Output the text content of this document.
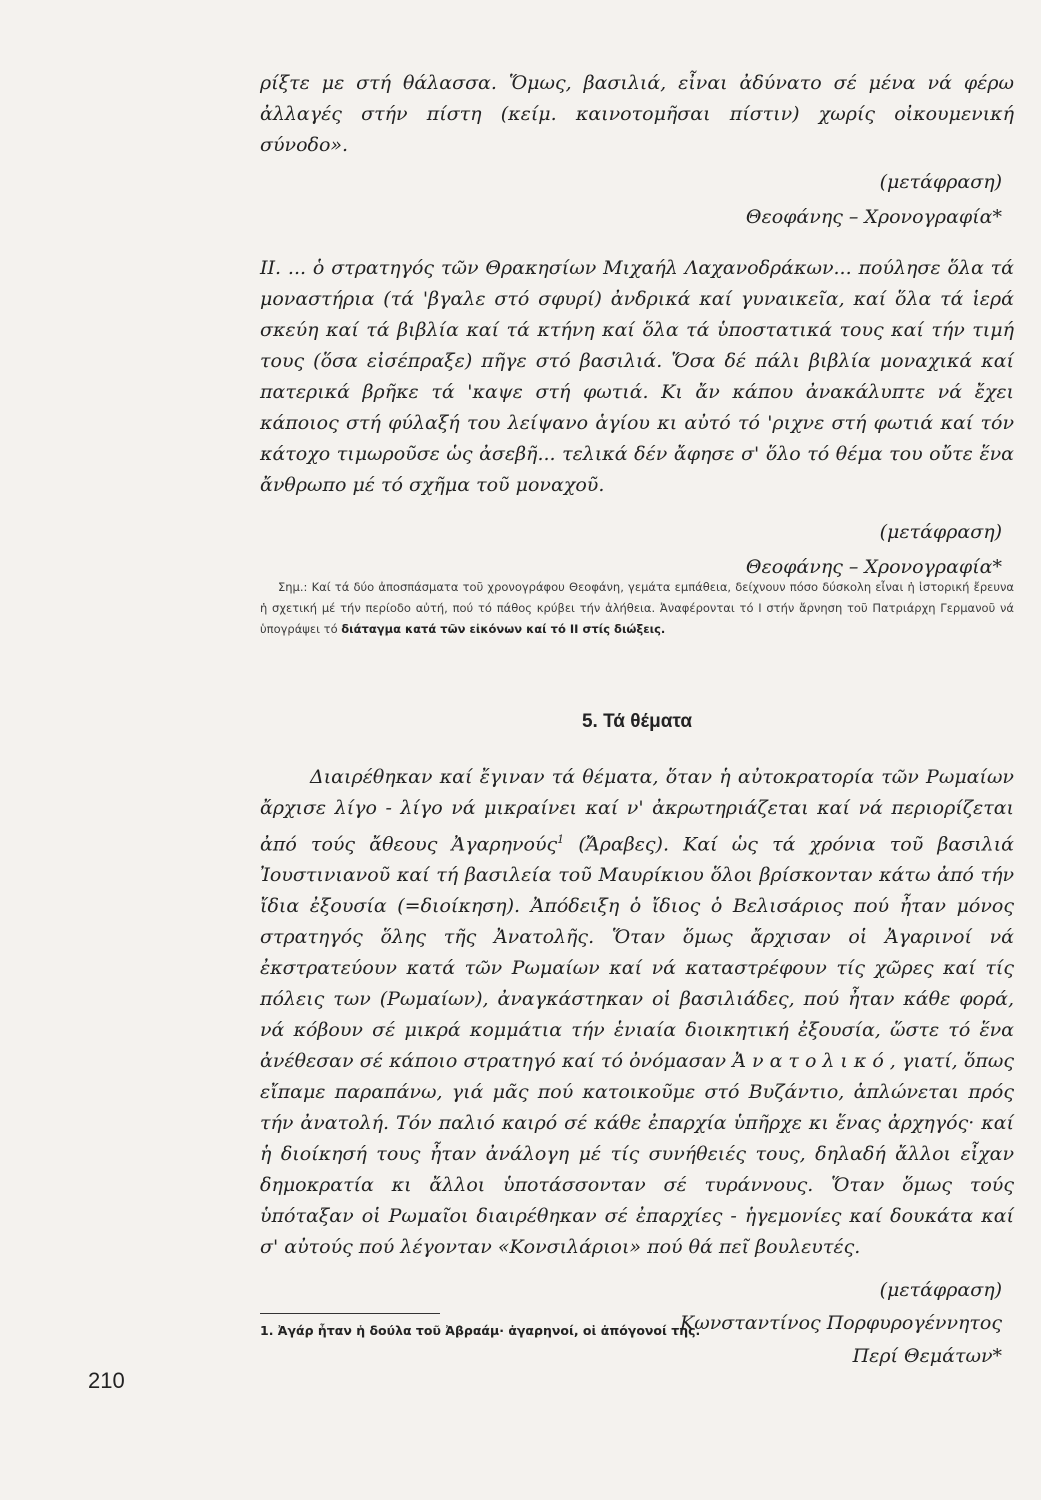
ρίξτε με στή θάλασσα. Ὅμως, βασιλιά, εἶναι ἀδύνατο σέ μένα νά φέρω ἀλλαγές στήν πίστη (κείμ. καινοτομῆσαι πίστιν) χωρίς οἰκουμενική σύνοδο».

(μετάφραση)

Θεοφάνης – Χρονογραφία*

II. ... ὁ στρατηγός τῶν Θρακησίων Μιχαήλ Λαχανοδράκων... πούλησε ὅλα τά μοναστήρια (τά 'βγαλε στό σφυρί) ἀνδρικά καί γυναικεῖα, καί ὅλα τά ἱερά σκεύη καί τά βιβλία καί τά κτήνη καί ὅλα τά ὑποστατικά τους καί τήν τιμή τους (ὅσα εἰσέπραξε) πῆγε στό βασιλιά. Ὅσα δέ πάλι βιβλία μοναχικά καί πατερικά βρῆκε τά 'καψε στή φωτιά. Κι ἄν κάπου ἀνακάλυπτε νά ἔχει κάποιος στή φύλαξή του λείψανο ἁγίου κι αὐτό τό 'ριχνε στή φωτιά καί τόν κάτοχο τιμωροῦσε ὡς ἀσεβῆ... τελικά δέν ἄφησε σ' ὅλο τό θέμα του οὔτε ἕνα ἄνθρωπο μέ τό σχῆμα τοῦ μοναχοῦ.

(μετάφραση)

Θεοφάνης – Χρονογραφία*

Σημ.: Καί τά δύο ἀποσπάσματα τοῦ χρονογράφου Θεοφάνη, γεμάτα εμπάθεια, δείχνουν πόσο δύσκολη εἶναι ἡ ἱστορική ἔρευνα ἡ σχετική μέ τήν περίοδο αὐτή, πού τό πάθος κρύβει τήν ἀλήθεια. Ἀναφέρονται τό I στήν ἄρνηση τοῦ Πατριάρχη Γερμανοῦ νά ὑπογράψει τό διάταγμα κατά τῶν εἰκόνων καί τό II στίς διώξεις.

5. Τά θέματα

Διαιρέθηκαν καί ἔγιναν τά θέματα, ὅταν ἡ αὐτοκρατορία τῶν Ρωμαίων ἄρχισε λίγο - λίγο νά μικραίνει καί ν' ἀκρωτηριάζεται καί νά περιορίζεται ἀπό τούς ἄθεους Ἀγαρηνούς$^1$ (Ἄραβες). Καί ὡς τά χρόνια τοῦ βασιλιά Ἰουστινιανοῦ καί τή βασιλεία τοῦ Μαυρίκιου ὅλοι βρίσκονταν κάτω ἀπό τήν ἴδια ἐξουσία (=διοίκηση). Ἀπόδειξη ὁ ἴδιος ὁ Βελισάριος πού ἦταν μόνος στρατηγός ὅλης τῆς Ἀνατολῆς. Ὅταν ὅμως ἄρχισαν οἱ Ἀγαρινοί νά ἐκστρατεύουν κατά τῶν Ρωμαίων καί νά καταστρέφουν τίς χῶρες καί τίς πόλεις των (Ρωμαίων), ἀναγκάστηκαν οἱ βασιλιάδες, πού ἦταν κάθε φορά, νά κόβουν σέ μικρά κομμάτια τήν ἑνιαία διοικητική ἐξουσία, ὥστε τό ἕνα ἀνέθεσαν σέ κάποιο στρατηγό καί τό ὀνόμασαν Ἀνατολικό, γιατί, ὅπως εἴπαμε παραπάνω, γιά μᾶς πού κατοικοῦμε στό Βυζάντιο, ἁπλώνεται πρός τήν ἀνατολή. Τόν παλιό καιρό σέ κάθε ἐπαρχία ὑπῆρχε κι ἕνας ἀρχηγός· καί ἡ διοίκησή τους ἦταν ἀνάλογη μέ τίς συνήθειές τους, δηλαδή ἄλλοι εἶχαν δημοκρατία κι ἄλλοι ὑποτάσσονταν σέ τυράννους. Ὅταν ὅμως τούς ὑπόταξαν οἱ Ρωμαῖοι διαιρέθηκαν σέ ἐπαρχίες - ἡγεμονίες καί δουκάτα καί σ' αὐτούς πού λέγονταν «Κονσιλάριοι» πού θά πεῖ βουλευτές.

(μετάφραση)

Κωνσταντίνος Πορφυρογέννητος

Περί Θεμάτων*

1. Ἀγάρ ἦταν ἡ δούλα τοῦ Ἀβραάμ· ἀγαρηνοί, οἱ ἀπόγονοί της.

210
